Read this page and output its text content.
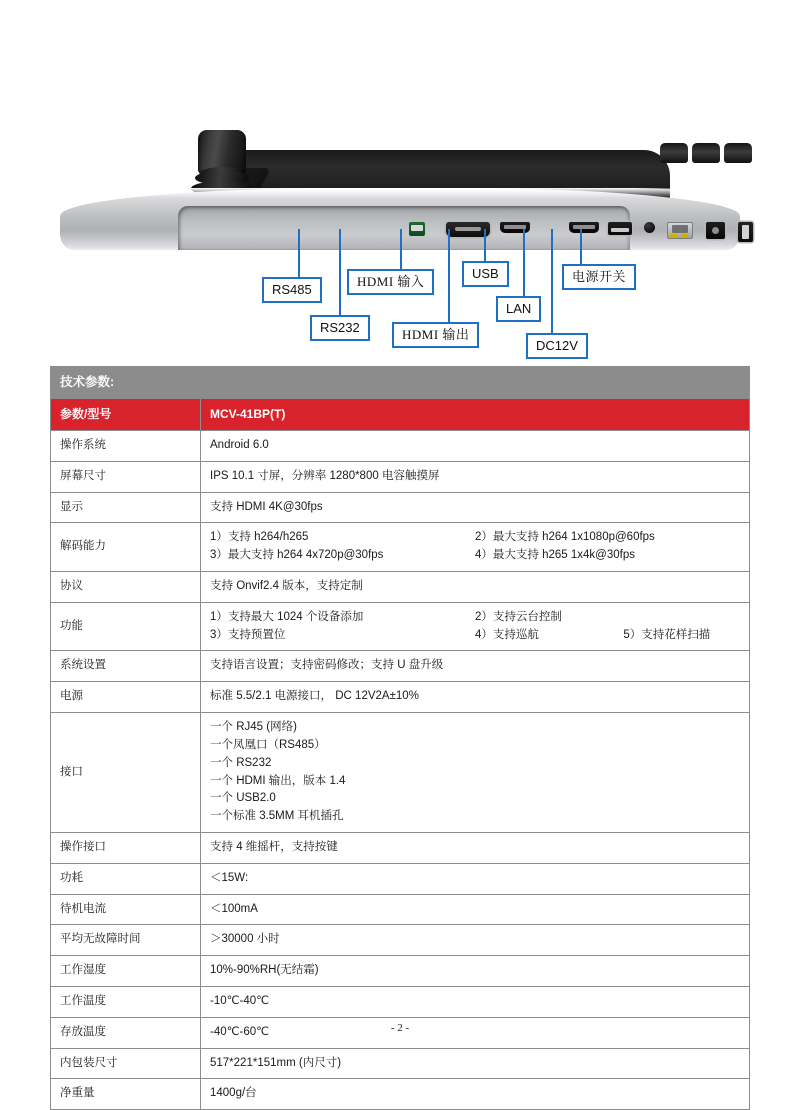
RS485
RS232
HDMI 输入
HDMI 输出
USB
LAN
DC12V
电源开关
技术参数:	
参数/型号	MCV-41BP(T)
操作系统	Android 6.0
屏幕尺寸	IPS 10.1 寸屏，分辨率 1280*800 电容触摸屏
显示	支持 HDMI 4K@30fps
解码能力	1）支持 h264/h265 2）最大支持 h264 1x1080p@60fps
3）最大支持 h264 4x720p@30fps 4）最大支持 h265 1x4k@30fps

协议	支持 Onvif2.4 版本，支持定制
功能	1）支持最大 1024 个设备添加 2）支持云台控制
3）支持预置位 4）支持巡航 5）支持花样扫描

系统设置	支持语言设置；支持密码修改；支持 U 盘升级
电源	标准 5.5/2.1 电源接口， DC 12V2A±10%
接口	
一个 RJ45 (网络)
一个凤凰口（RS485）
一个 RS232
一个 HDMI 输出，版本 1.4
一个 USB2.0
一个标准 3.5MM 耳机插孔

操作接口	支持 4 维摇杆，支持按键
功耗	＜15W:
待机电流	＜100mA
平均无故障时间	＞30000 小时
工作湿度	10%-90%RH(无结霜)
工作温度	-10℃-40℃
存放温度	-40℃-60℃
内包装尺寸	517*221*151mm (内尺寸)
净重量	1400g/台
- 2 -
